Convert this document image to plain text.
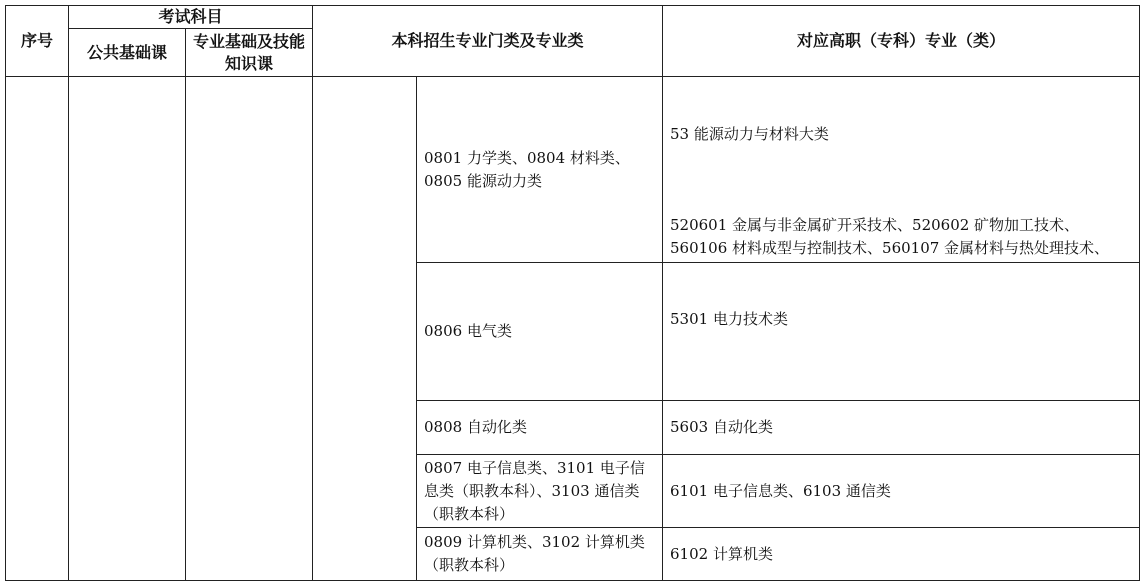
序号
考试科目
公共基础课
专业基础及技能知识课
本科招生专业门类及专业类	对应高职（专科）专业（类）
0801 力学类、0804 材料类、0805 能源动力类

53 能源动力与材料大类

520601 金属与非金属矿开采技术、520602 矿物加工技术、560106 材料成型与控制技术、560107 金属材料与热处理技术、

0806 电气类

5301 电力技术类

0808 自动化类	5603 自动化类
0807 电子信息类、3101 电子信息类（职教本科）、3103 通信类（职教本科）
6101 电子信息类、6103 通信类
0809 计算机类、3102 计算机类（职教本科）
6102 计算机类
